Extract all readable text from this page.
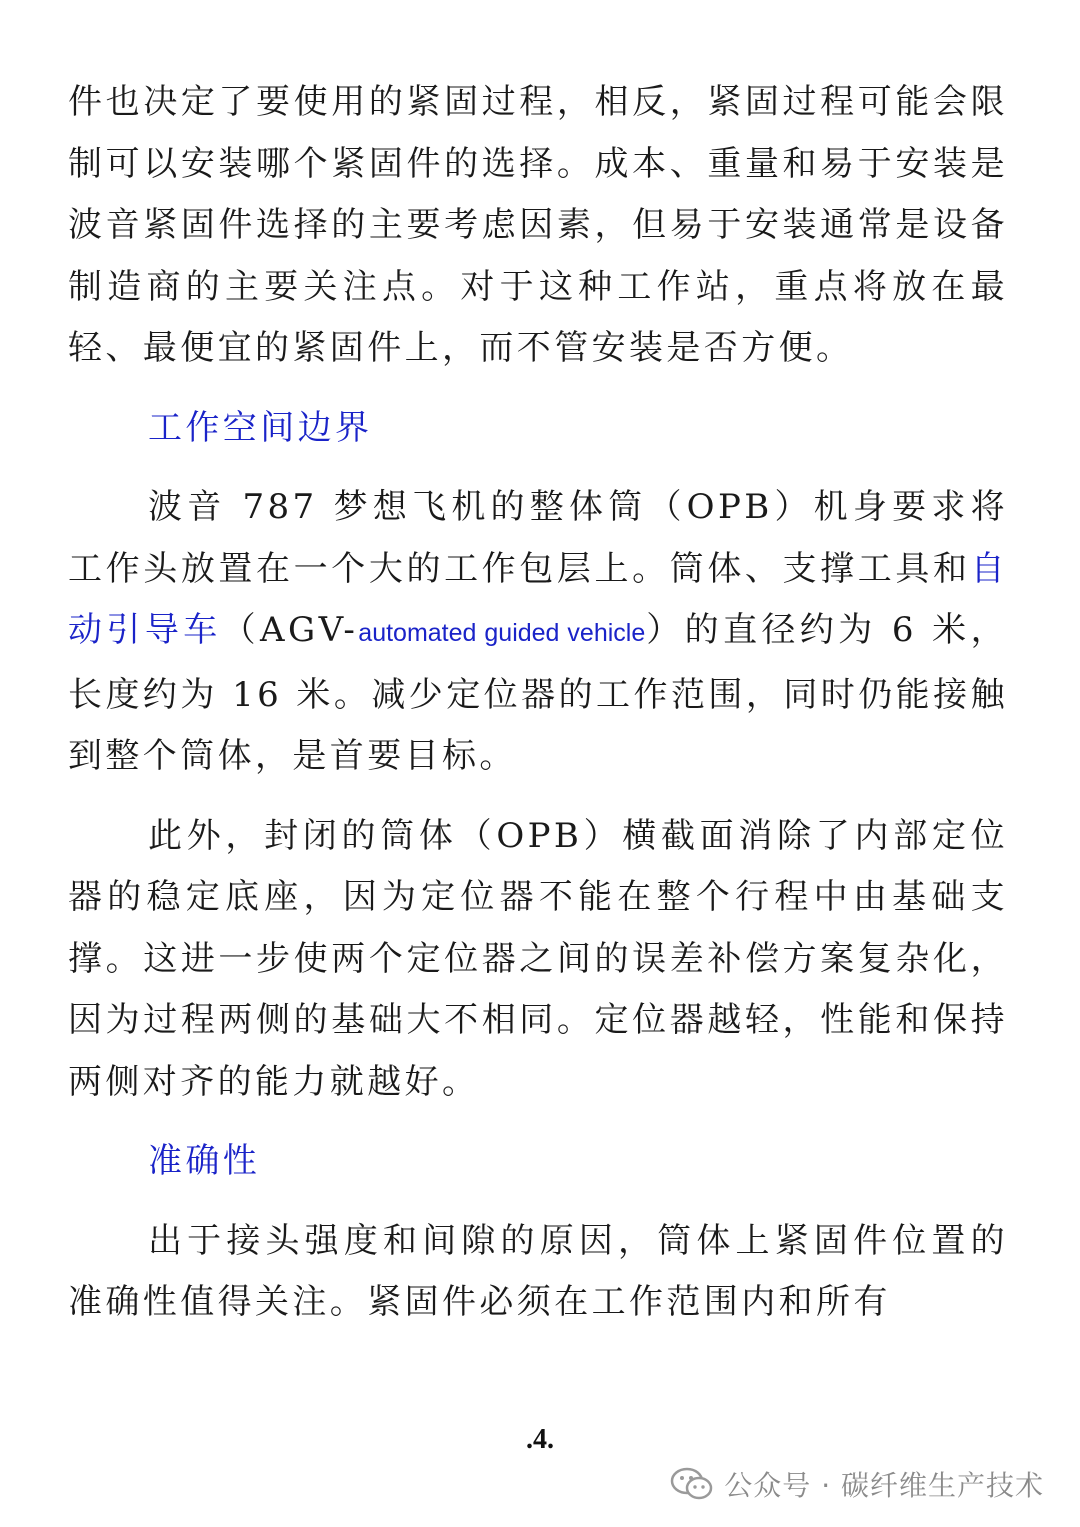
件也决定了要使用的紧固过程，相反，紧固过程可能会限制可以安装哪个紧固件的选择。成本、重量和易于安装是波音紧固件选择的主要考虑因素，但易于安装通常是设备制造商的主要关注点。对于这种工作站，重点将放在最轻、最便宜的紧固件上，而不管安装是否方便。

工作空间边界

波音 787 梦想飞机的整体筒（OPB）机身要求将工作头放置在一个大的工作包层上。筒体、支撑工具和自动引导车（AGV-automated guided vehicle）的直径约为 6 米，长度约为 16 米。减少定位器的工作范围，同时仍能接触到整个筒体，是首要目标。

此外，封闭的筒体（OPB）横截面消除了内部定位器的稳定底座，因为定位器不能在整个行程中由基础支撑。这进一步使两个定位器之间的误差补偿方案复杂化，因为过程两侧的基础大不相同。定位器越轻，性能和保持两侧对齐的能力就越好。

准确性

出于接头强度和间隙的原因，筒体上紧固件位置的准确性值得关注。紧固件必须在工作范围内和所有

.4.
公众号 · 碳纤维生产技术
